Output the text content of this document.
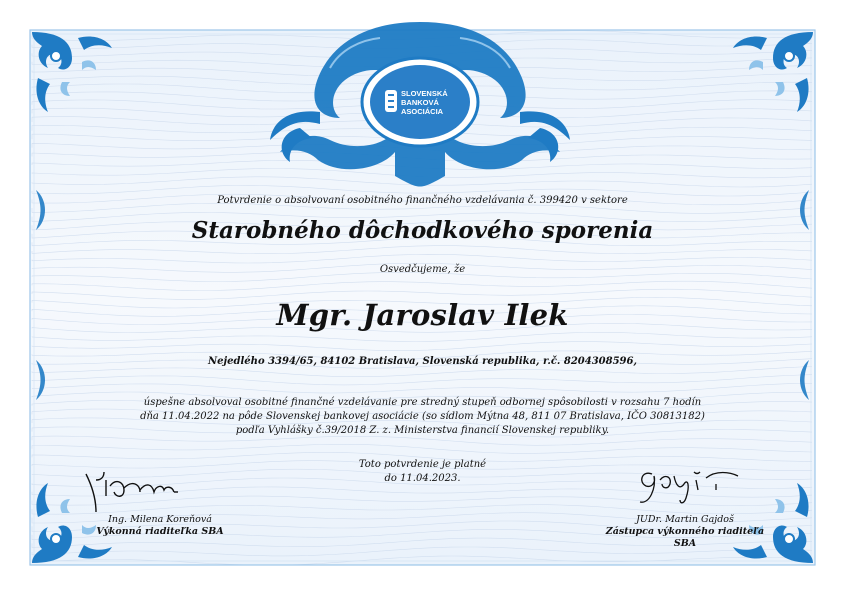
SLOVENSKÁ
BANKOVÁ
ASOCIÁCIA
Potvrdenie o absolvovaní osobitného finančného vzdelávania č. 399420 v sektore
Starobného dôchodkového sporenia
Osvedčujeme, že
Mgr. Jaroslav Ilek
Nejedlého 3394/65, 84102 Bratislava, Slovenská republika, r.č. 8204308596,
úspešne absolvoval osobitné finančné vzdelávanie pre stredný stupeň odbornej spôsobilosti v rozsahu 7 hodín
dňa 11.04.2022 na pôde Slovenskej bankovej asociácie (so sídlom Mýtna 48, 811 07 Bratislava, IČO 30813182)
podľa Vyhlášky č.39/2018 Z. z. Ministerstva financií Slovenskej republiky.
Toto potvrdenie je platné
do 11.04.2023.
Ing. Milena Koreňová
Výkonná riaditeľka SBA
JUDr. Martin Gajdoš
Zástupca výkonného riaditeľa SBA
